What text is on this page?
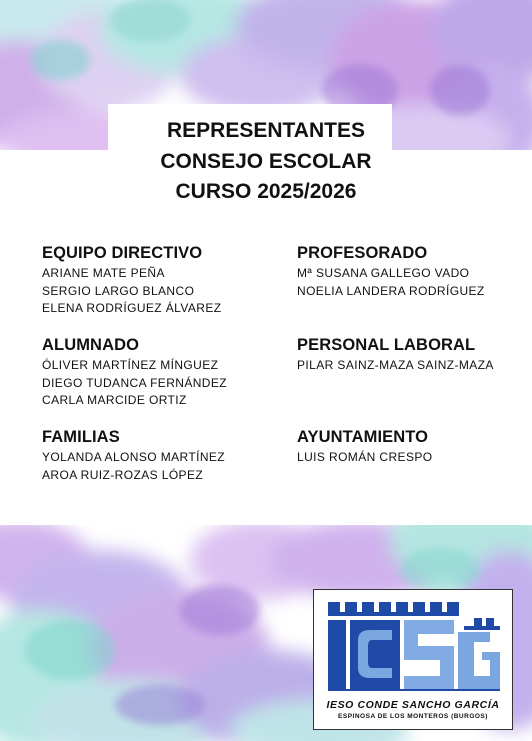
REPRESENTANTES
CONSEJO ESCOLAR
CURSO 2025/2026
EQUIPO DIRECTIVO
ARIANE MATE PEÑA
SERGIO LARGO BLANCO
ELENA RODRÍGUEZ ÁLVAREZ
PROFESORADO
Mª SUSANA GALLEGO VADO
NOELIA LANDERA RODRÍGUEZ
ALUMNADO
ÓLIVER MARTÍNEZ MÍNGUEZ
DIEGO TUDANCA FERNÁNDEZ
CARLA MARCIDE ORTIZ
PERSONAL LABORAL
PILAR SAINZ-MAZA SAINZ-MAZA
FAMILIAS
YOLANDA ALONSO MARTÍNEZ
AROA RUIZ-ROZAS LÓPEZ
AYUNTAMIENTO
LUIS ROMÁN CRESPO
IESO CONDE SANCHO GARCÍA
ESPINOSA DE LOS MONTEROS (BURGOS)
